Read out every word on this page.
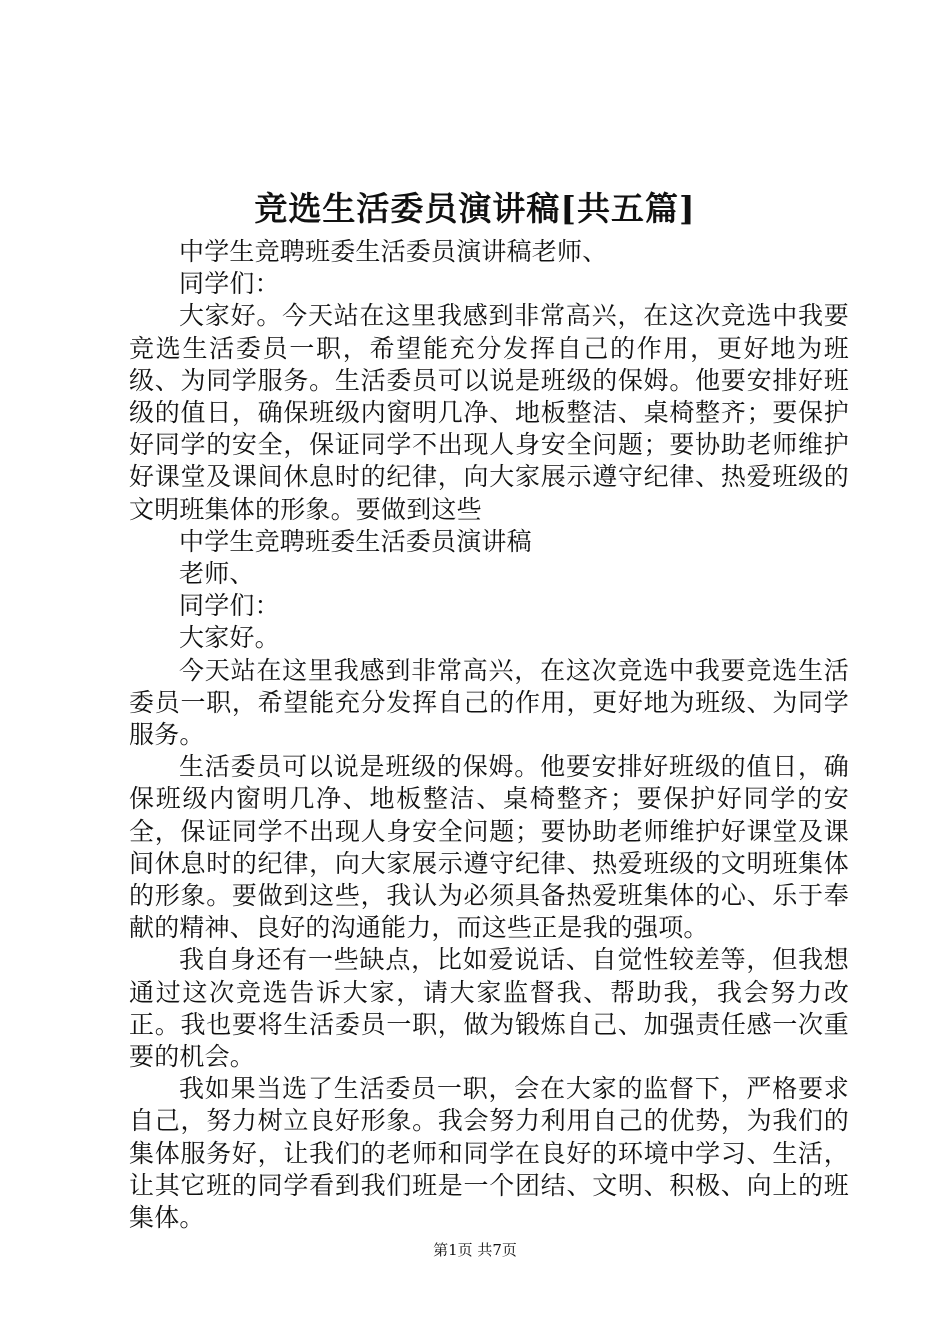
竞选生活委员演讲稿[共五篇]

中学生竞聘班委生活委员演讲稿老师、

同学们：

大家好。今天站在这里我感到非常高兴，在这次竞选中我要竞选生活委员一职，希望能充分发挥自己的作用，更好地为班级、为同学服务。生活委员可以说是班级的保姆。他要安排好班级的值日，确保班级内窗明几净、地板整洁、桌椅整齐；要保护好同学的安全，保证同学不出现人身安全问题；要协助老师维护好课堂及课间休息时的纪律，向大家展示遵守纪律、热爱班级的文明班集体的形象。要做到这些

中学生竞聘班委生活委员演讲稿

老师、

同学们：

大家好。

今天站在这里我感到非常高兴，在这次竞选中我要竞选生活委员一职，希望能充分发挥自己的作用，更好地为班级、为同学服务。

生活委员可以说是班级的保姆。他要安排好班级的值日，确保班级内窗明几净、地板整洁、桌椅整齐；要保护好同学的安全，保证同学不出现人身安全问题；要协助老师维护好课堂及课间休息时的纪律，向大家展示遵守纪律、热爱班级的文明班集体的形象。要做到这些，我认为必须具备热爱班集体的心、乐于奉献的精神、良好的沟通能力，而这些正是我的强项。

我自身还有一些缺点，比如爱说话、自觉性较差等，但我想通过这次竞选告诉大家，请大家监督我、帮助我，我会努力改正。我也要将生活委员一职，做为锻炼自己、加强责任感一次重要的机会。

我如果当选了生活委员一职，会在大家的监督下，严格要求自己，努力树立良好形象。我会努力利用自己的优势，为我们的集体服务好，让我们的老师和同学在良好的环境中学习、生活，让其它班的同学看到我们班是一个团结、文明、积极、向上的班集体。

第1页 共7页
